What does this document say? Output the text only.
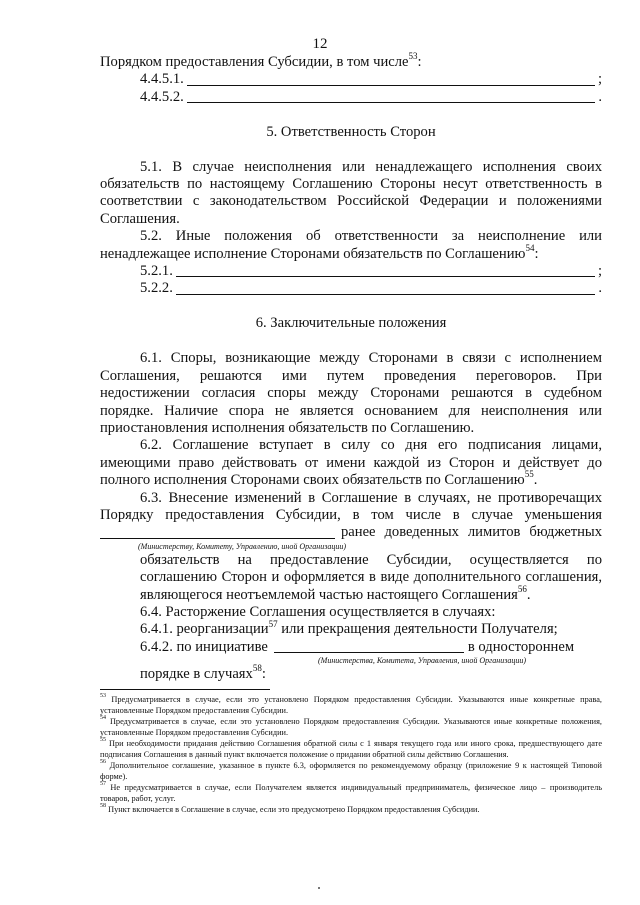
12
Порядком предоставления Субсидии, в том числе$^{53}$:
4.4.5.1.	;
4.4.5.2.	.
5. Ответственность Сторон
5.1. В случае неисполнения или ненадлежащего исполнения своих
обязательств по настоящему Соглашению Стороны несут ответственность в
соответствии с законодательством Российской Федерации и положениями
Соглашения.
5.2. Иные положения об ответственности за неисполнение или
ненадлежащее исполнение Сторонами обязательств по Соглашению$^{54}$:
5.2.1.	;
5.2.2.	.
6. Заключительные положения
6.1. Споры, возникающие между Сторонами в связи с исполнением
Соглашения, решаются ими путем проведения переговоров. При
недостижении согласия споры между Сторонами решаются в судебном
порядке. Наличие спора не является основанием для неисполнения или
приостановления исполнения обязательств по Соглашению.
6.2. Соглашение вступает в силу со дня его подписания лицами,
имеющими право действовать от имени каждой из Сторон и действует до
полного исполнения Сторонами своих обязательств по Соглашению$^{55}$.
6.3. Внесение изменений в Соглашение в случаях, не противоречащих
Порядку предоставления Субсидии, в том числе в случае уменьшения
ранее доведенных лимитов бюджетных
(Министерству, Комитету, Управлению, иной Организации)
обязательств на предоставление Субсидии, осуществляется по
соглашению Сторон и оформляется в виде дополнительного соглашения,
являющегося неотъемлемой частью настоящего Соглашения$^{56}$.
6.4. Расторжение Соглашения осуществляется в случаях:
6.4.1. реорганизации$^{57}$ или прекращения деятельности Получателя;
6.4.2. по инициативе	в одностороннем
(Министерства, Комитета, Управления, иной Организации)
порядке в случаях$^{58}$:

$^{53}$ Предусматривается в случае, если это установлено Порядком предоставления Субсидии. Указываются иные конкретные права, установленные Порядком предоставления Субсидии.

$^{54}$ Предусматривается в случае, если это установлено Порядком предоставления Субсидии. Указываются иные конкретные положения, установленные Порядком предоставления Субсидии.

$^{55}$ При необходимости придания действию Соглашения обратной силы с 1 января текущего года или иного срока, предшествующего дате подписания Соглашения в данный пункт включается положение о придании обратной силы действию Соглашения.

$^{56}$ Дополнительное соглашение, указанное в пункте 6.3, оформляется по рекомендуемому образцу (приложение 9 к настоящей Типовой форме).

$^{57}$ Не предусматривается в случае, если Получателем является индивидуальный предприниматель, физическое лицо – производитель товаров, работ, услуг.

$^{58}$ Пункт включается в Соглашение в случае, если это предусмотрено Порядком предоставления Субсидии.
